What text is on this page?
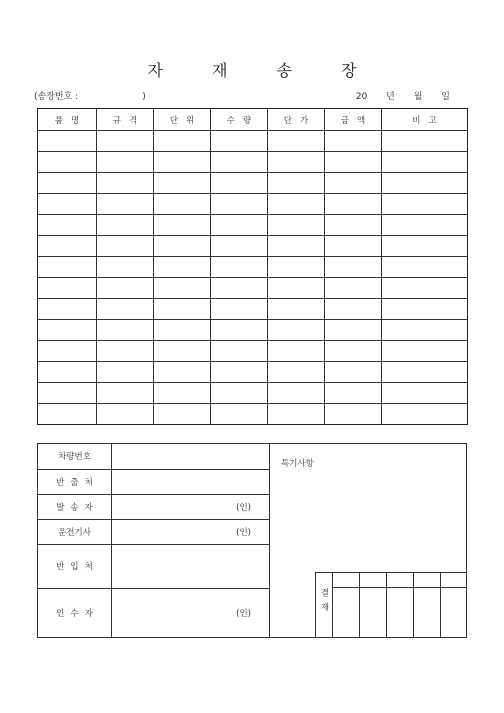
자 재 송 장
(송장번호 :	)	20 년 월 일
품명	규격	단위	수량	단가	금액	비고

차량번호	
반출처	
발송자	(인)

운전기사	(인)

반입처	
인수자	(인)
특기사항
결재					
